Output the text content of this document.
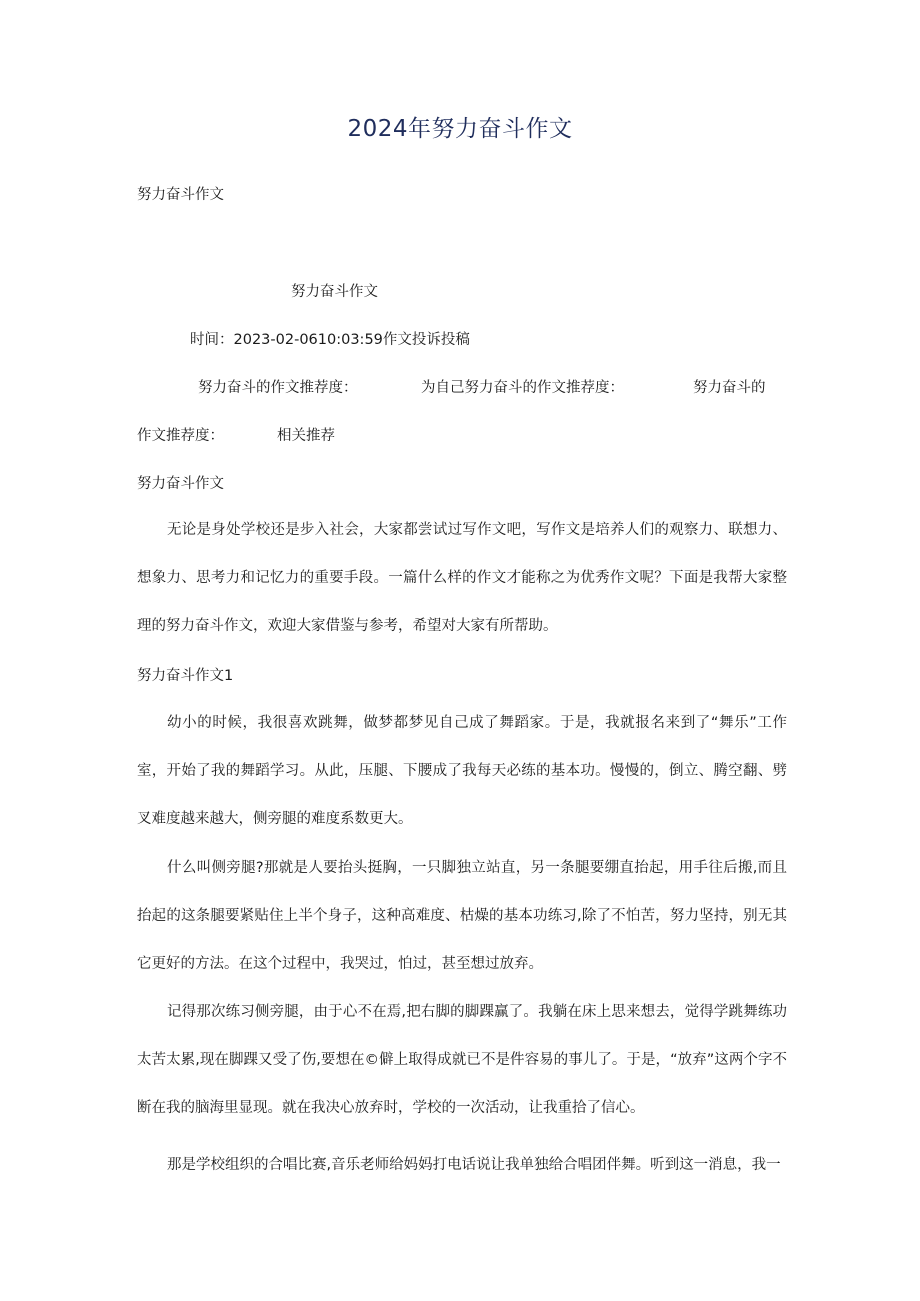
2024年努力奋斗作文
努力奋斗作文
努力奋斗作文
时间：2023-02-0610:03:59作文投诉投稿
努力奋斗的作文推荐度：	为自己努力奋斗的作文推荐度：	努力奋斗的
作文推荐度：	相关推荐
努力奋斗作文
无论是身处学校还是步入社会，大家都尝试过写作文吧，写作文是培养人们的观察力、联想力、想象力、思考力和记忆力的重要手段。一篇什么样的作文才能称之为优秀作文呢？下面是我帮大家整理的努力奋斗作文，欢迎大家借鉴与参考，希望对大家有所帮助。
努力奋斗作文1
幼小的时候，我很喜欢跳舞，做梦都梦见自己成了舞蹈家。于是，我就报名来到了“舞乐”工作室，开始了我的舞蹈学习。从此，压腿、下腰成了我每天必练的基本功。慢慢的，倒立、腾空翻、劈叉难度越来越大，侧旁腿的难度系数更大。
什么叫侧旁腿?那就是人要抬头挺胸，一只脚独立站直，另一条腿要绷直抬起，用手往后搬,而且抬起的这条腿要紧贴住上半个身子，这种高难度、枯燥的基本功练习,除了不怕苦，努力坚持，别无其它更好的方法。在这个过程中，我哭过，怕过，甚至想过放弃。
记得那次练习侧旁腿，由于心不在焉,把右脚的脚踝赢了。我躺在床上思来想去，觉得学跳舞练功太苦太累,现在脚踝又受了伤,要想在©僻上取得成就已不是件容易的事儿了。于是，“放弃”这两个字不断在我的脑海里显现。就在我决心放弃时，学校的一次活动，让我重拾了信心。
那是学校组织的合唱比赛,音乐老师给妈妈打电话说让我单独给合唱团伴舞。听到这一消息，我一
